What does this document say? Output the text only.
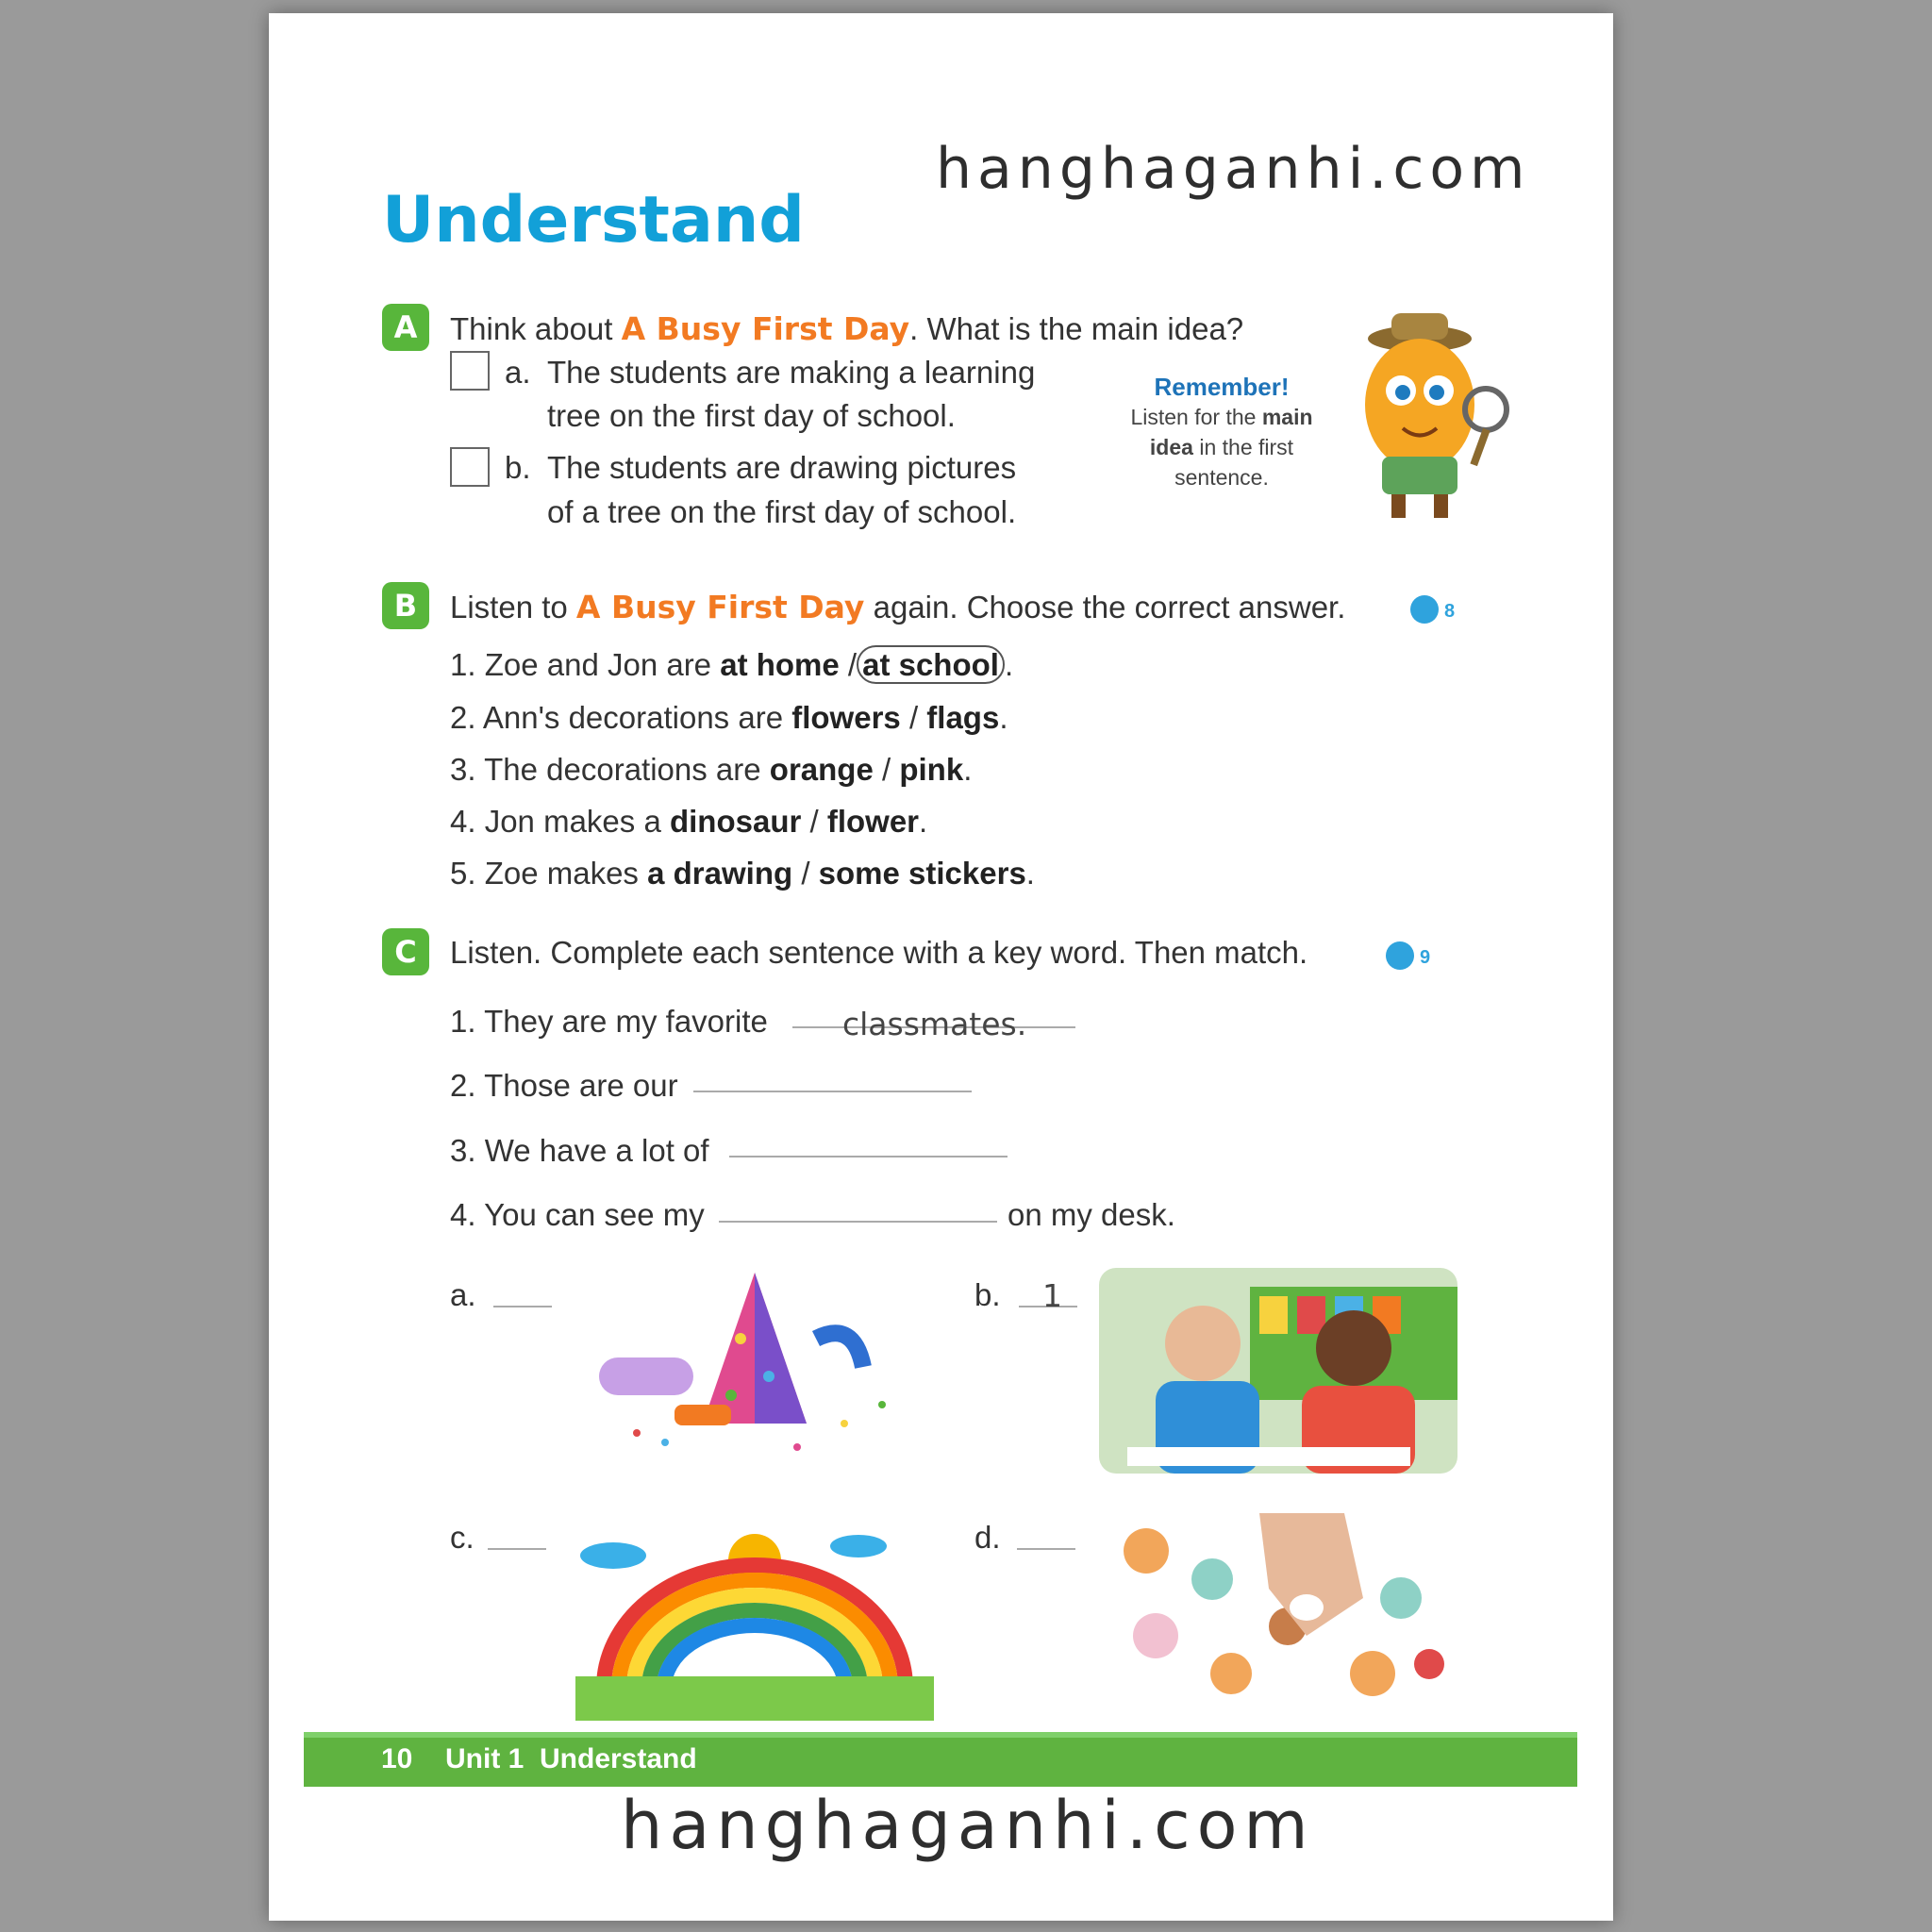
hanghaganhi.com
Understand
A	Think about A Busy First Day. What is the main idea?
a. The students are making a learning
tree on the first day of school.
b. The students are drawing pictures
of a tree on the first day of school.
Remember!
Listen for the main
idea in the first
sentence.
B	Listen to A Busy First Day again. Choose the correct answer.	8
1. Zoe and Jon are at home / at school .
2. Ann's decorations are flowers / flags.
3. The decorations are orange / pink.
4. Jon makes a dinosaur / flower.
5. Zoe makes a drawing / some stickers.
C	Listen. Complete each sentence with a key word. Then match.	9
1. They are my favorite classmates.
2. Those are our
3. We have a lot of
4. You can see my	on my desk.
a.	b. 1
c.	d.
10 Unit 1 Understand
hanghaganhi.com
